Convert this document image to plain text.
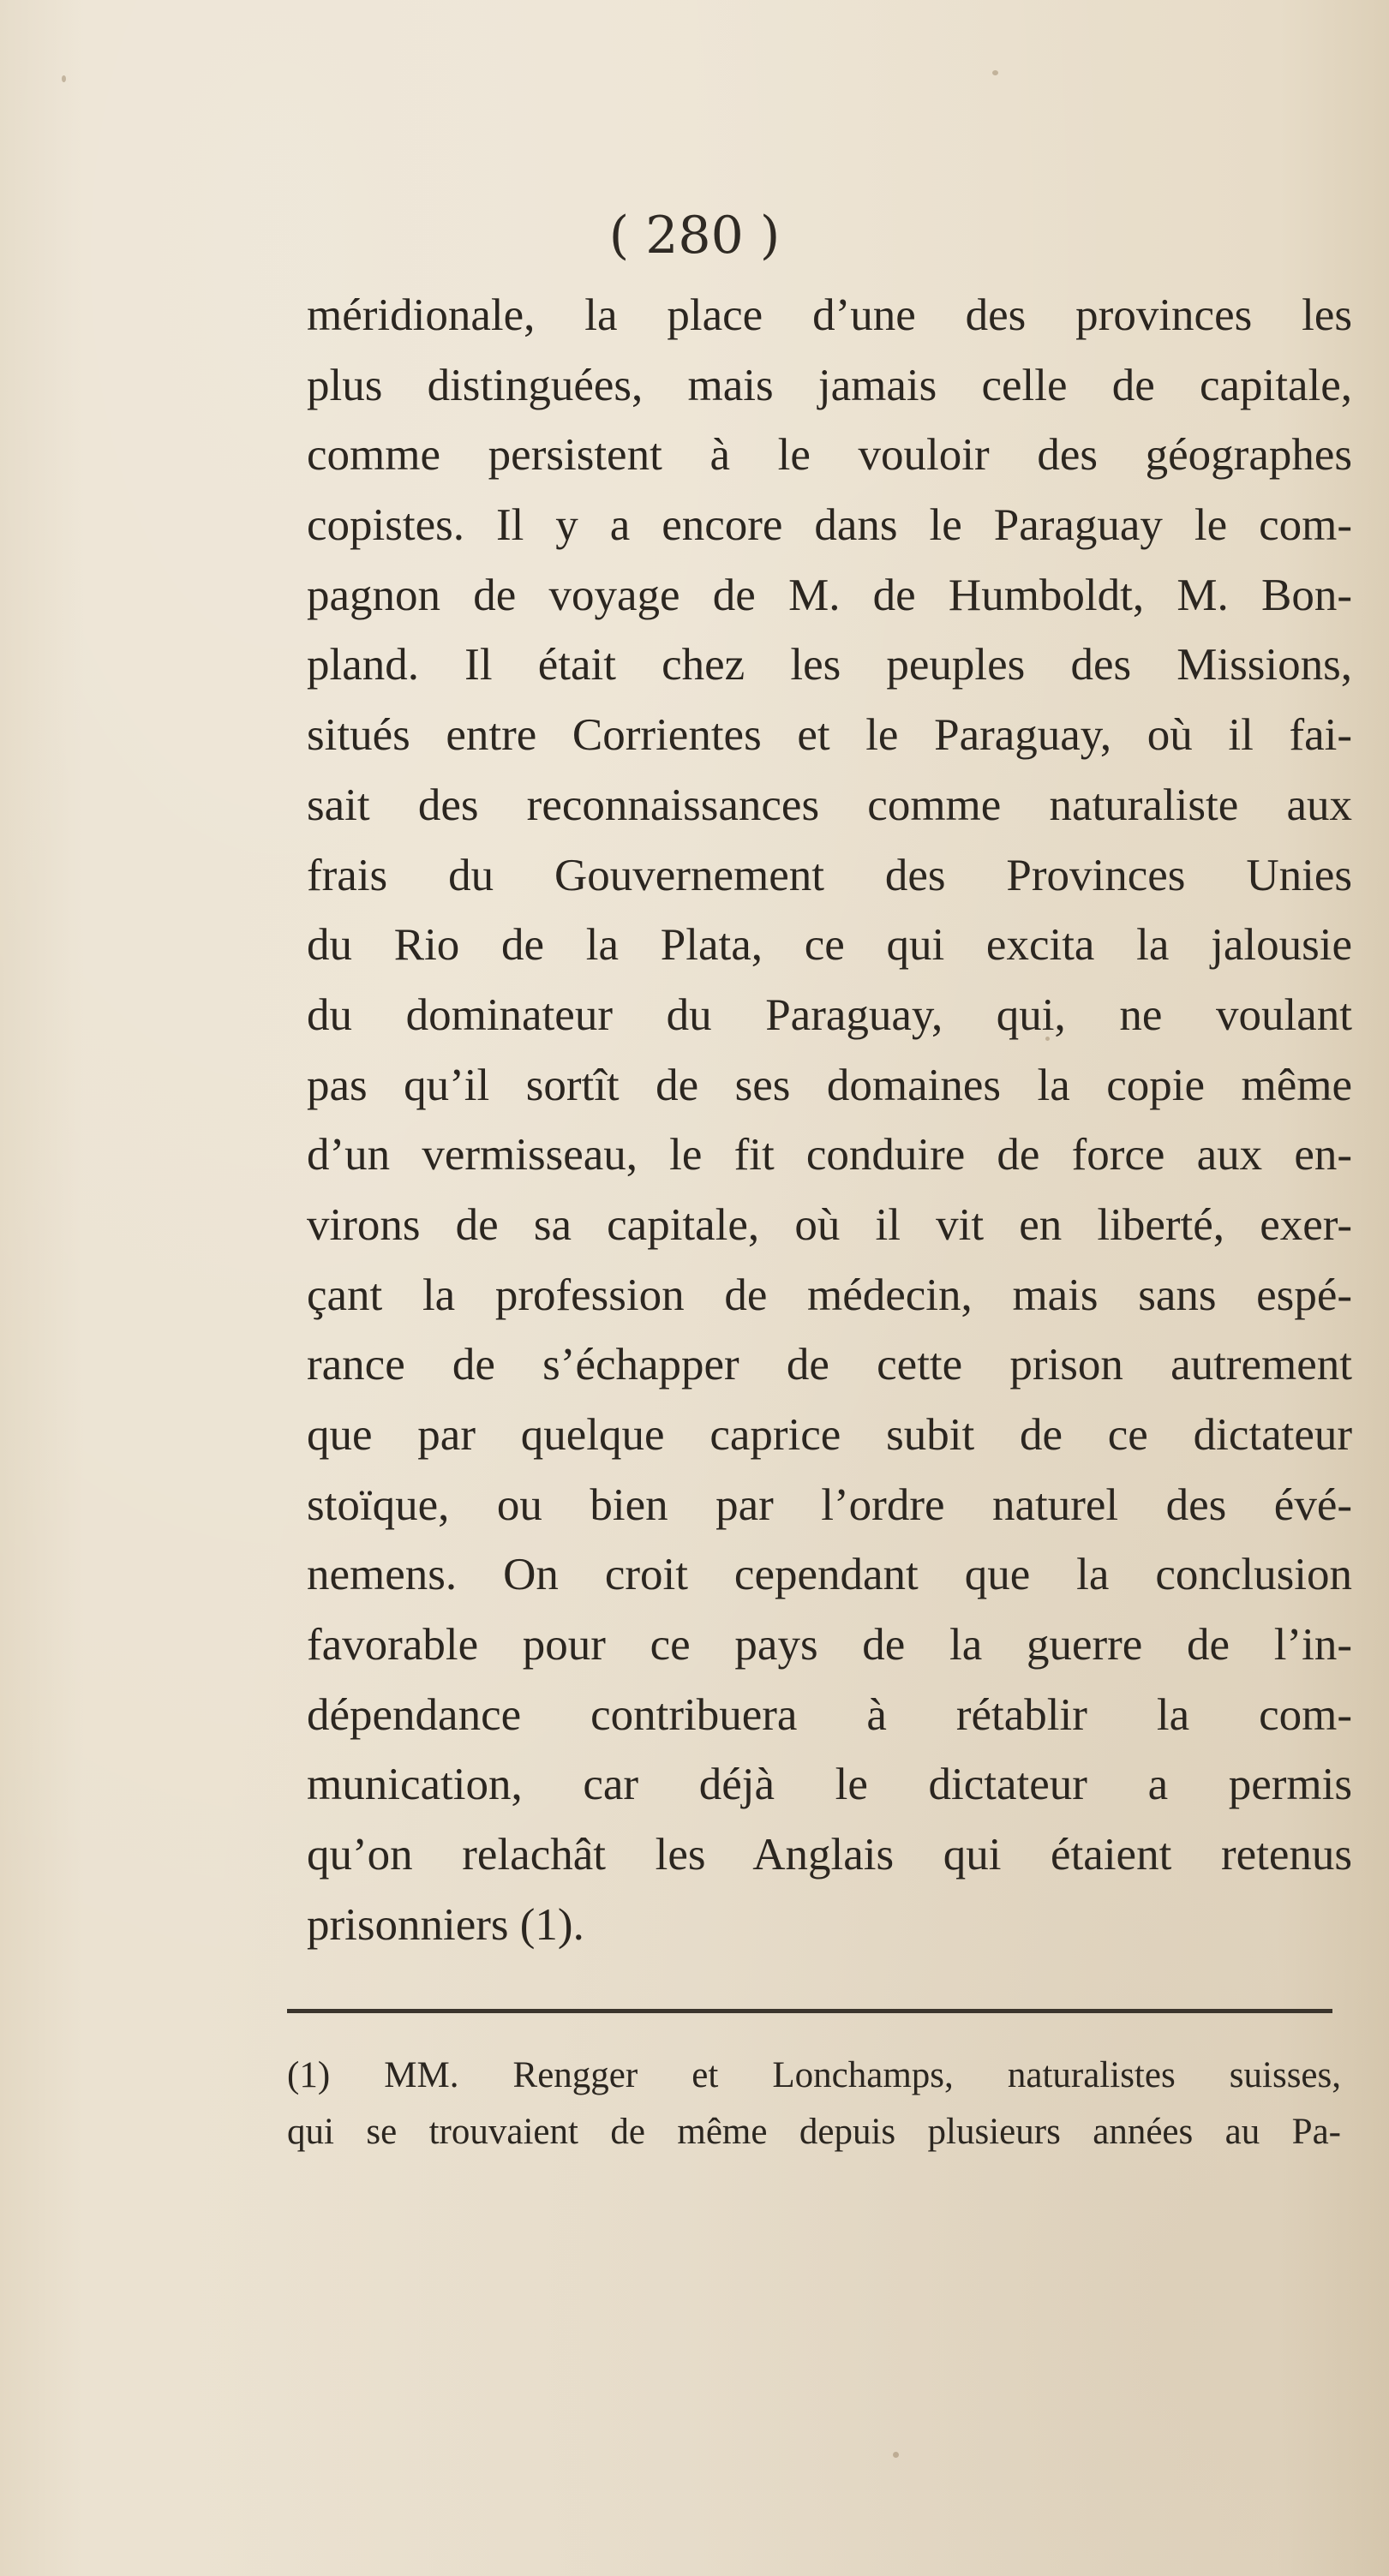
( 280 )
méridionale, la place d’une des provinces les
plus distinguées, mais jamais celle de capitale,
comme persistent à le vouloir des géographes
copistes. Il y a encore dans le Paraguay le com-
pagnon de voyage de M. de Humboldt, M. Bon-
pland. Il était chez les peuples des Missions,
situés entre Corrientes et le Paraguay, où il fai-
sait des reconnaissances comme naturaliste aux
frais du Gouvernement des Provinces Unies
du Rio de la Plata, ce qui excita la jalousie
du dominateur du Paraguay, qui, ne voulant
pas qu’il sortît de ses domaines la copie même
d’un vermisseau, le fit conduire de force aux en-
virons de sa capitale, où il vit en liberté, exer-
çant la profession de médecin, mais sans espé-
rance de s’échapper de cette prison autrement
que par quelque caprice subit de ce dictateur
stoïque, ou bien par l’ordre naturel des évé-
nemens. On croit cependant que la conclusion
favorable pour ce pays de la guerre de l’in-
dépendance contribuera à rétablir la com-
munication, car déjà le dictateur a permis
qu’on relachât les Anglais qui étaient retenus
prisonniers (1).
(1) MM. Rengger et Lonchamps, naturalistes suisses,
qui se trouvaient de même depuis plusieurs années au Pa-
